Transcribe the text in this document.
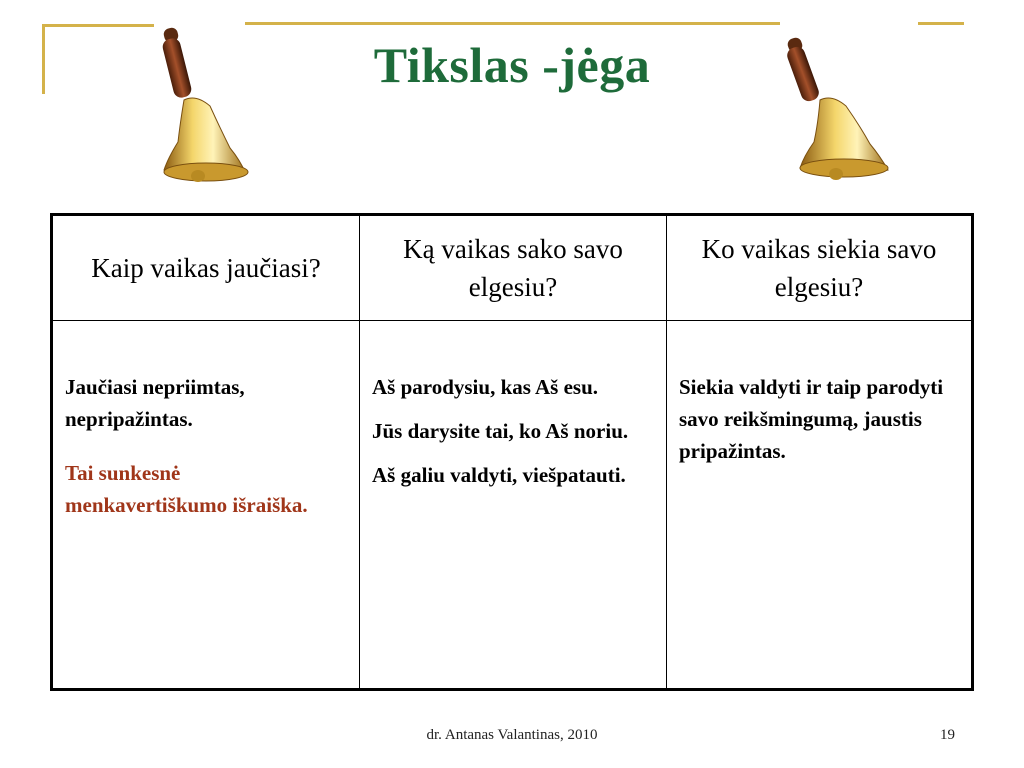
Tikslas -jėga
Kaip vaikas jaučiasi?
Ką vaikas sako savo elgesiu?
Ko vaikas siekia savo elgesiu?

Jaučiasi nepriimtas, nepripažintas.

Tai sunkesnė menkavertiškumo išraiška.

Aš parodysiu, kas Aš esu.

Jūs darysite tai, ko Aš noriu.

Aš galiu valdyti, viešpatauti.

Siekia valdyti ir taip parodyti savo reikšmingumą, jaustis pripažintas.

dr. Antanas Valantinas, 2010	19
